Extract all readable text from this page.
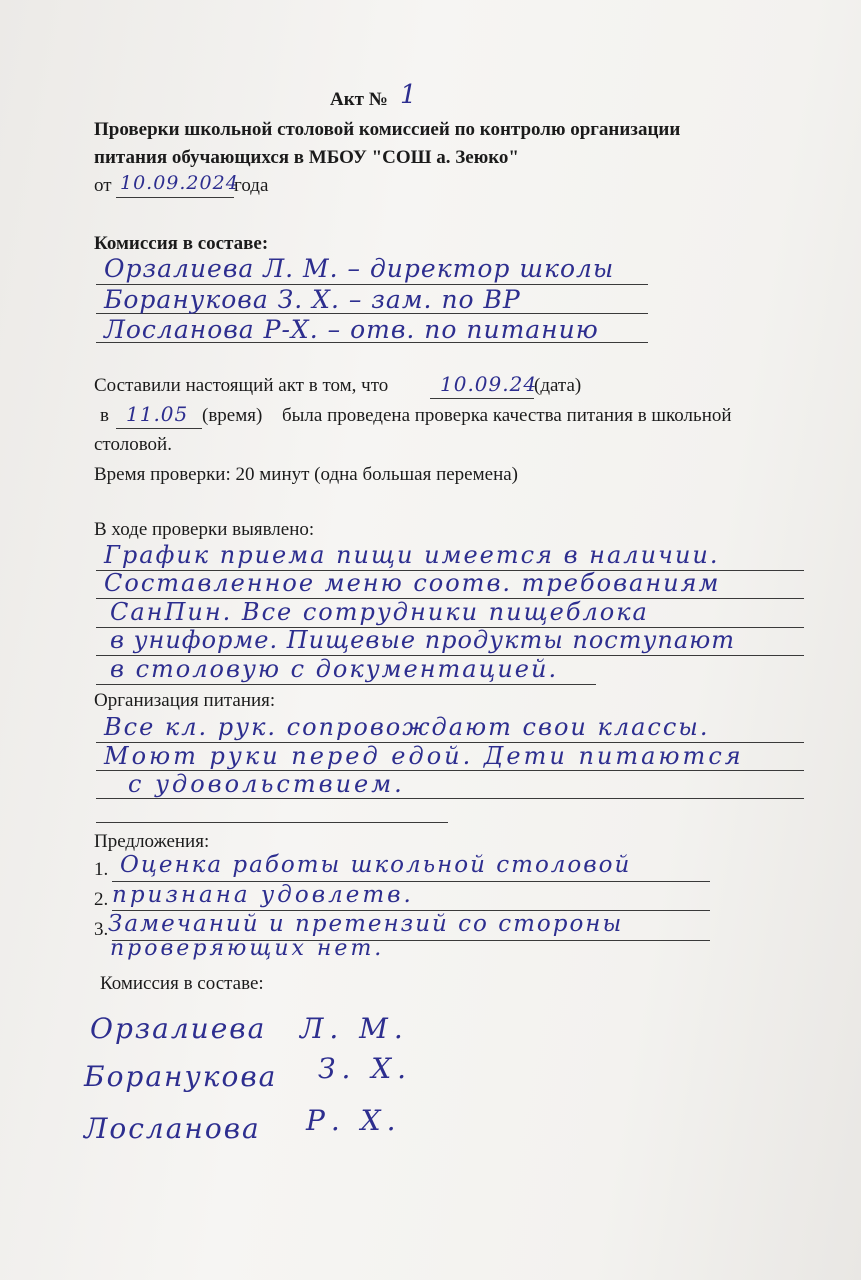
Акт № 1
Проверки школьной столовой комиссией по контролю организации
питания обучающихся в МБОУ "СОШ а. Зеюко"
от 10.09.2024
года
Комиссия в составе:
Орзалиева Л. М. – директор школы
Боранукова З. Х. – зам. по ВР
Лосланова Р-Х. – отв. по питанию
Составили настоящий акт в том, что	10.09.24
(дата)
в 11.05 (время) была проведена проверка качества питания в школьной
столовой.
Время проверки: 20 минут (одна большая перемена)
В ходе проверки выявлено:
График приема пищи имеется в наличии.
Составленное меню соотв. требованиям
СанПин. Все сотрудники пищеблока
в униформе. Пищевые продукты поступают
в столовую с документацией.
Организация питания:
Все кл. рук. сопровождают свои классы.
Моют руки перед едой. Дети питаются
с удовольствием.
Предложения:
1.
2.
3.
Оценка работы школьной столовой
признана удовлетв.
Замечаний и претензий со стороны
проверяющих нет.
Комиссия в составе:
Орзалиева Л. М.
Боранукова З. Х.
Лосланова Р. Х.
